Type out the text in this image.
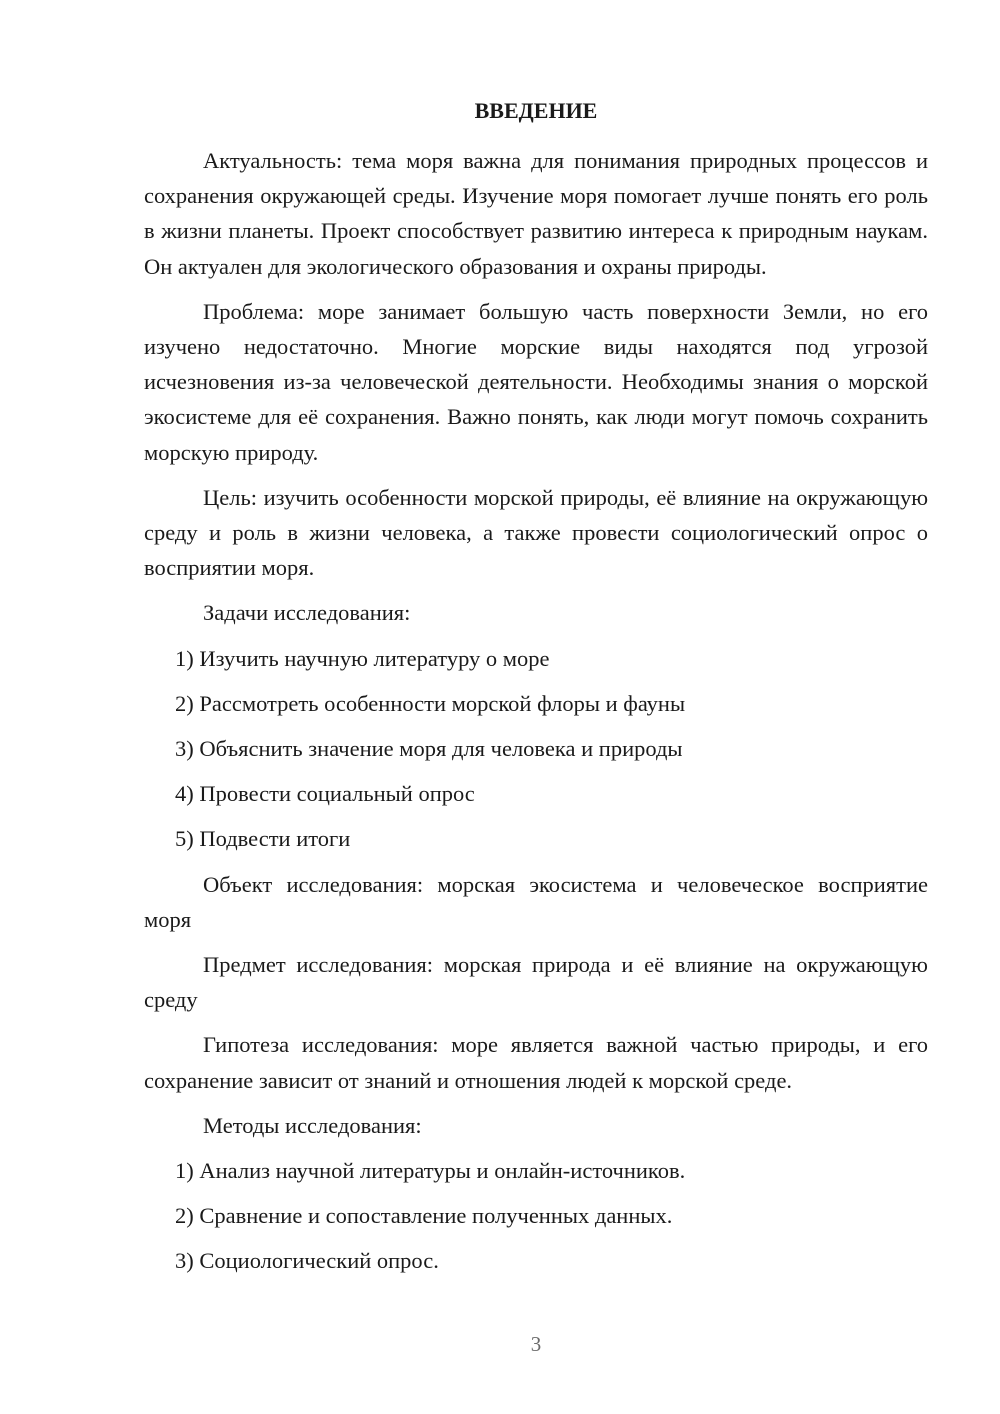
ВВЕДЕНИЕ

Актуальность: тема моря важна для понимания природных процессов и сохранения окружающей среды. Изучение моря помогает лучше понять его роль в жизни планеты. Проект способствует развитию интереса к природным наукам. Он актуален для экологического образования и охраны природы.

Проблема: море занимает большую часть поверхности Земли, но его изучено недостаточно. Многие морские виды находятся под угрозой исчезновения из-за человеческой деятельности. Необходимы знания о морской экосистеме для её сохранения. Важно понять, как люди могут помочь сохранить морскую природу.

Цель: изучить особенности морской природы, её влияние на окружающую среду и роль в жизни человека, а также провести социологический опрос о восприятии моря.

Задачи исследования:

1) Изучить научную литературу о море

2) Рассмотреть особенности морской флоры и фауны

3) Объяснить значение моря для человека и природы

4) Провести социальный опрос

5) Подвести итоги

Объект исследования: морская экосистема и человеческое восприятие моря

Предмет исследования: морская природа и её влияние на окружающую среду

Гипотеза исследования: море является важной частью природы, и его сохранение зависит от знаний и отношения людей к морской среде.

Методы исследования:

1) Анализ научной литературы и онлайн-источников.

2) Сравнение и сопоставление полученных данных.

3) Социологический опрос.

3
